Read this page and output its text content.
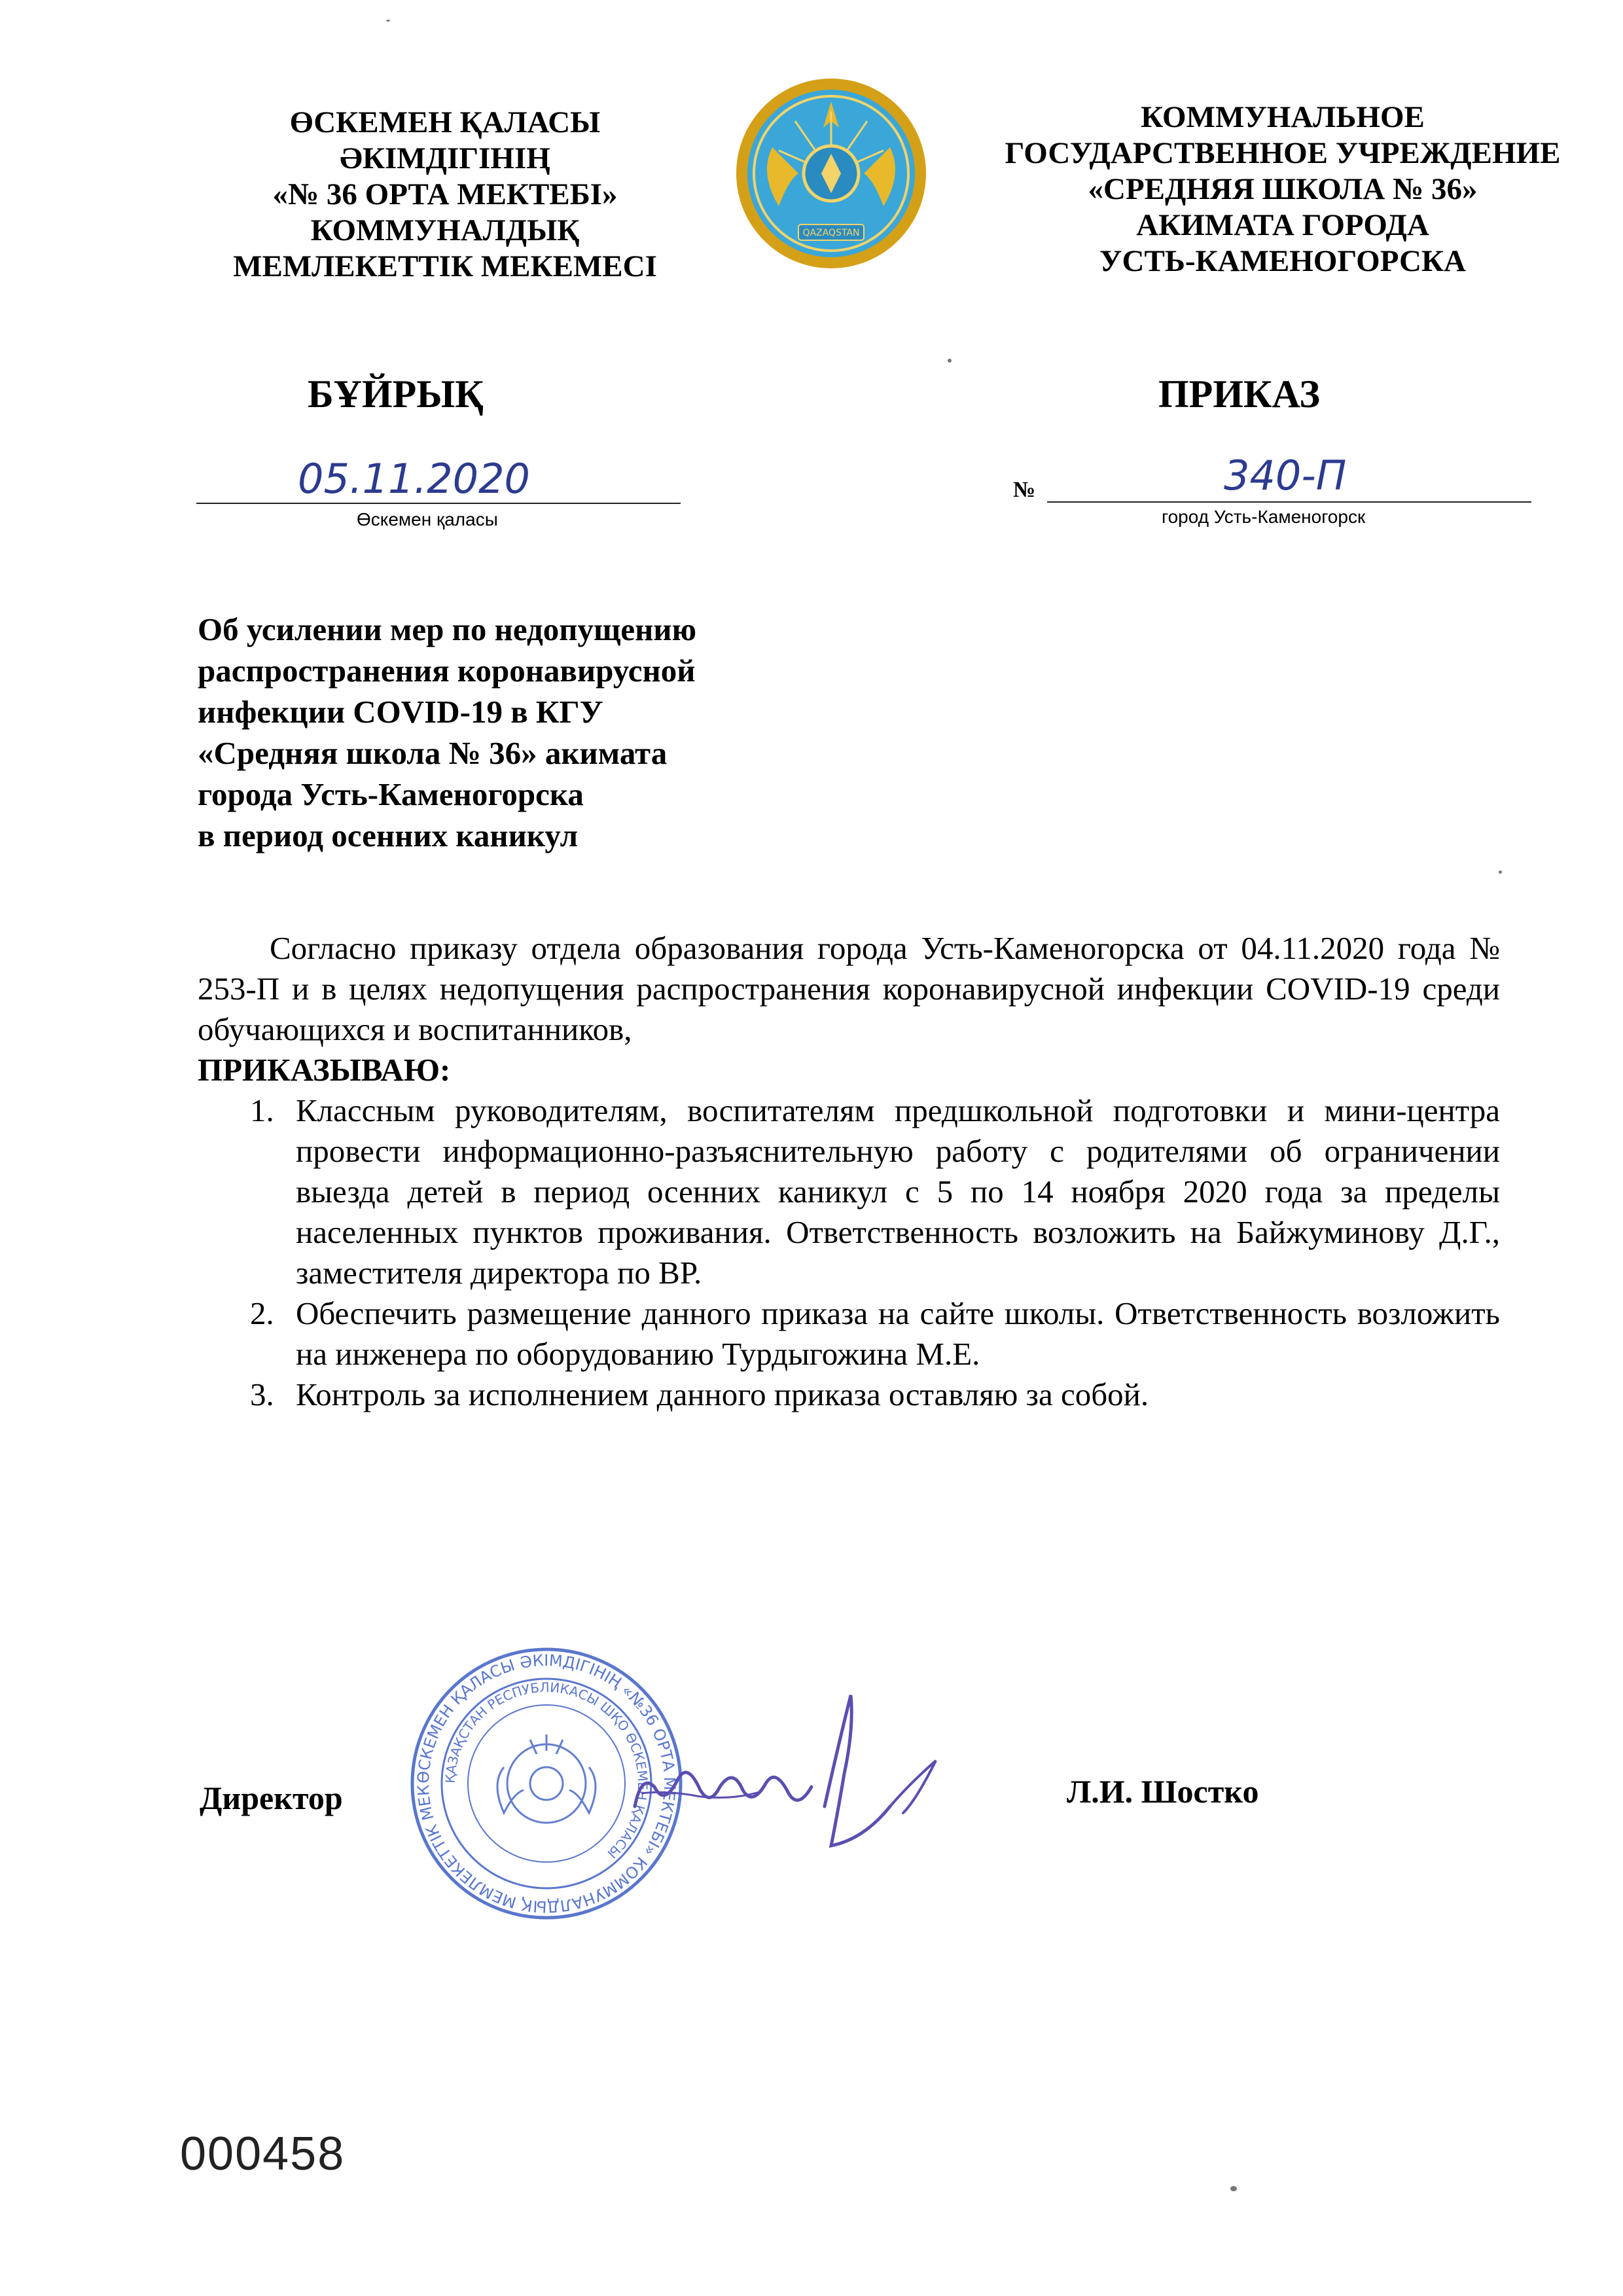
ӨСКЕМЕН ҚАЛАСЫ
ӘКІМДІГІНІҢ
«№ 36 ОРТА МЕКТЕБІ»
КОММУНАЛДЫҚ
МЕМЛЕКЕТТІК МЕКЕМЕСІ
QAZAQSTAN
КОММУНАЛЬНОЕ
ГОСУДАРСТВЕННОЕ УЧРЕЖДЕНИЕ
«СРЕДНЯЯ ШКОЛА № 36»
АКИМАТА ГОРОДА
УСТЬ-КАМЕНОГОРСКА
БҰЙРЫҚ	ПРИКАЗ
05.11.2020
Өскемен қаласы
№	340-П
город Усть-Каменогорск
Об усилении мер по недопущению
распространения коронавирусной
инфекции COVID-19 в КГУ
«Средняя школа № 36» акимата
города Усть-Каменогорска
в период осенних каникул

Согласно приказу отдела образования города Усть-Каменогорска от 04.11.2020 года № 253-П и в целях недопущения распространения коронавирусной инфекции COVID-19 среди обучающихся и воспитанников,

ПРИКАЗЫВАЮ:

1. Классным руководителям, воспитателям предшкольной подготовки и мини-центра провести информационно-разъяснительную работу с родителями об ограничении выезда детей в период осенних каникул с 5 по 14 ноября 2020 года за пределы населенных пунктов проживания. Ответственность возложить на Байжуминову Д.Г., заместителя директора по ВР.
2. Обеспечить размещение данного приказа на сайте школы. Ответственность возложить на инженера по оборудованию Турдыгожина М.Е.
3. Контроль за исполнением данного приказа оставляю за собой.
Директор
ӨСКЕМЕН ҚАЛАСЫ ӘКІМДІГІНІҢ «№36 ОРТА МЕКТЕБІ» КОММУНАЛДЫҚ МЕМЛЕКЕТТІК МЕК
ҚАЗАҚСТАН РЕСПУБЛИКАСЫ ШҚО ӨСКЕМЕН ҚАЛАСЫ
Л.И. Шостко
000458
